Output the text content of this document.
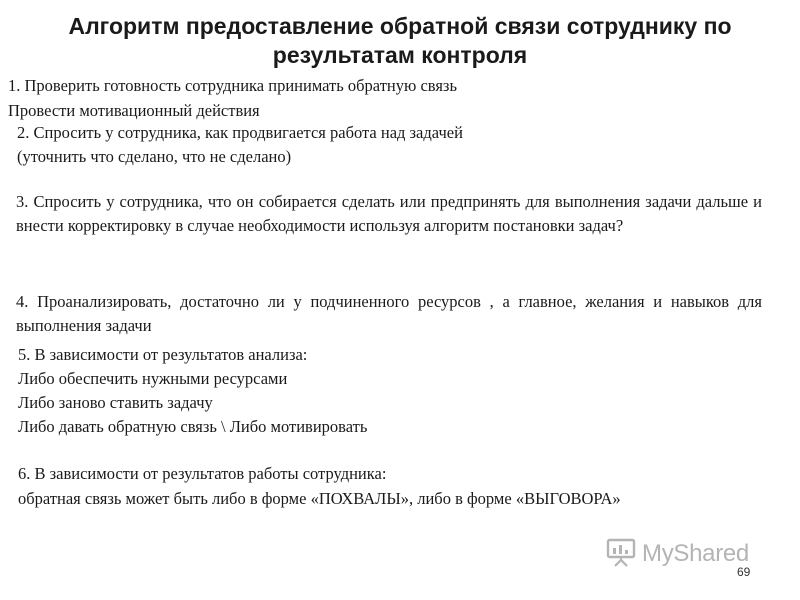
Алгоритм предоставление обратной связи сотруднику по
результатам контроля
1. Проверить готовность сотрудника принимать обратную связь
Провести мотивационный действия
2. Спросить у сотрудника, как продвигается работа над задачей
(уточнить что сделано, что не сделано)
3. Спросить у сотрудника, что он собирается сделать или предпринять для выполнения задачи дальше и внести корректировку в случае необходимости используя алгоритм постановки задач?
4. Проанализировать, достаточно ли у подчиненного ресурсов , а главное, желания и навыков для выполнения задачи
5. В зависимости от результатов анализа:
Либо обеспечить нужными ресурсами
Либо заново ставить задачу
Либо давать обратную связь \ Либо мотивировать
6. В зависимости от результатов работы сотрудника:
обратная связь может быть либо в форме «ПОХВАЛЫ», либо в форме «ВЫГОВОРА»
MyShared
69
